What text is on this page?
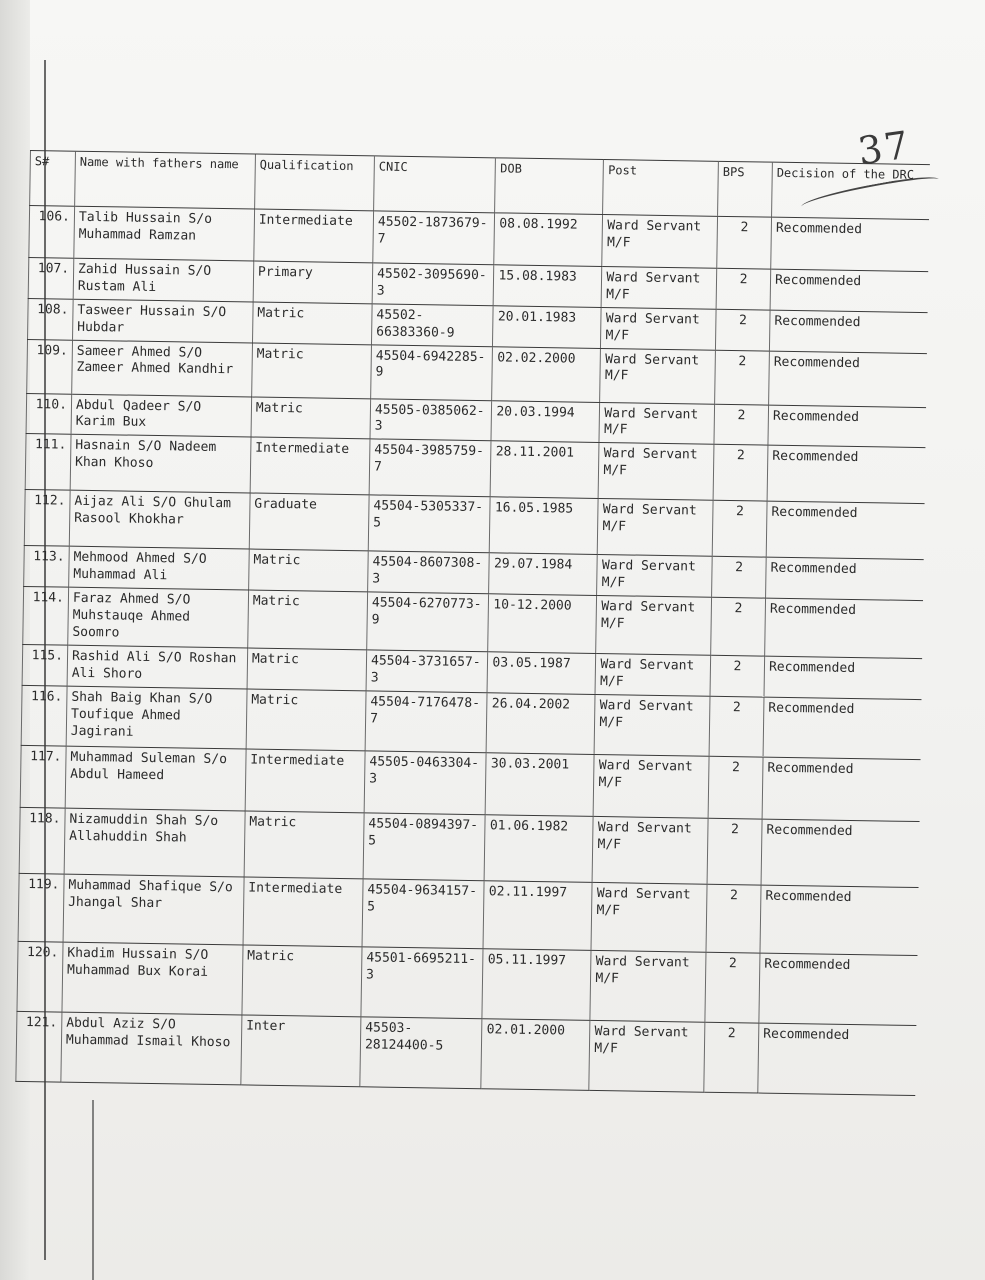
37
S#	Name with fathers name	Qualification	CNIC	DOB	Post	BPS	Decision of the DRC
106.	Talib Hussain S/o Muhammad Ramzan	Intermediate	45502-1873679-7	08.08.1992	Ward Servant M/F	2	Recommended
107.	Zahid Hussain S/O Rustam Ali	Primary	45502-3095690-3	15.08.1983	Ward Servant M/F	2	Recommended
108.	Tasweer Hussain S/O Hubdar	Matric	45502-66383360-9	20.01.1983	Ward Servant M/F	2	Recommended
109.	Sameer Ahmed S/O Zameer Ahmed Kandhir	Matric	45504-6942285-9	02.02.2000	Ward Servant M/F	2	Recommended
110.	Abdul Qadeer S/O Karim Bux	Matric	45505-0385062-3	20.03.1994	Ward Servant M/F	2	Recommended
111.	Hasnain S/O Nadeem Khan Khoso	Intermediate	45504-3985759-7	28.11.2001	Ward Servant M/F	2	Recommended
112.	Aijaz Ali S/O Ghulam Rasool Khokhar	Graduate	45504-5305337-5	16.05.1985	Ward Servant M/F	2	Recommended
113.	Mehmood Ahmed S/O Muhammad Ali	Matric	45504-8607308-3	29.07.1984	Ward Servant M/F	2	Recommended
114.	Faraz Ahmed S/O Muhstauqe Ahmed Soomro	Matric	45504-6270773-9	10-12.2000	Ward Servant M/F	2	Recommended
115.	Rashid Ali S/O Roshan Ali Shoro	Matric	45504-3731657-3	03.05.1987	Ward Servant M/F	2	Recommended
116.	Shah Baig Khan S/O Toufique Ahmed Jagirani	Matric	45504-7176478-7	26.04.2002	Ward Servant M/F	2	Recommended
117.	Muhammad Suleman S/o Abdul Hameed	Intermediate	45505-0463304-3	30.03.2001	Ward Servant M/F	2	Recommended
118.	Nizamuddin Shah S/o Allahuddin Shah	Matric	45504-0894397-5	01.06.1982	Ward Servant M/F	2	Recommended
119.	Muhammad Shafique S/o Jhangal Shar	Intermediate	45504-9634157-5	02.11.1997	Ward Servant M/F	2	Recommended
120.	Khadim Hussain S/O Muhammad Bux Korai	Matric	45501-6695211-3	05.11.1997	Ward Servant M/F	2	Recommended
121.	Abdul Aziz S/O Muhammad Ismail Khoso	Inter	45503-28124400-5	02.01.2000	Ward Servant M/F	2	Recommended
